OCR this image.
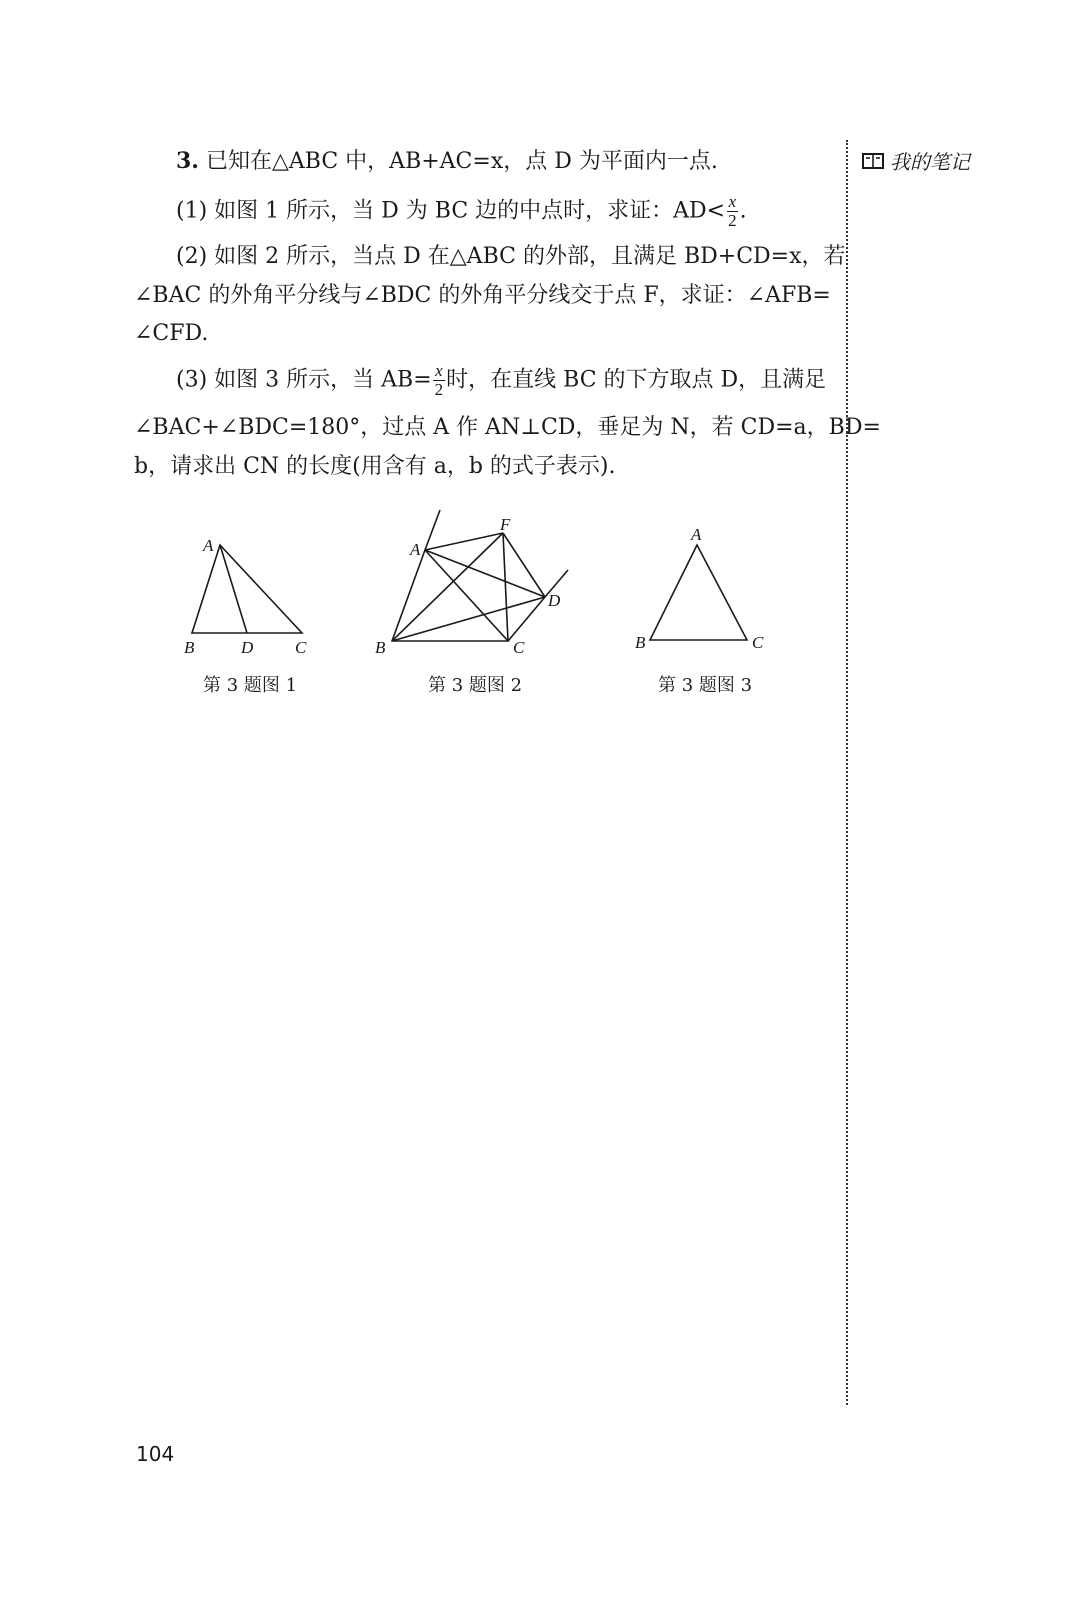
我的笔记
3. 已知在△ABC 中，AB+AC=x，点 D 为平面内一点.
(1) 如图 1 所示，当 D 为 BC 边的中点时，求证：$AD< \frac{x}{2}$ .
(2) 如图 2 所示，当点 D 在△ABC 的外部，且满足 BD+CD=x，若
∠BAC 的外角平分线与∠BDC 的外角平分线交于点 F，求证：∠AFB=
∠CFD.
(3) 如图 3 所示，当 $AB= \frac{x}{2}$ 时，在直线 BC 的下方取点 D，且满足
∠BAC+∠BDC=180°，过点 A 作 AN⊥CD，垂足为 N，若 CD=a，BD=
b，请求出 CN 的长度(用含有 a，b 的式子表示).
A
B	D C
A
F
D
B	C
A
B	C
第 3 题图 1	第 3 题图 2	第 3 题图 3
104
